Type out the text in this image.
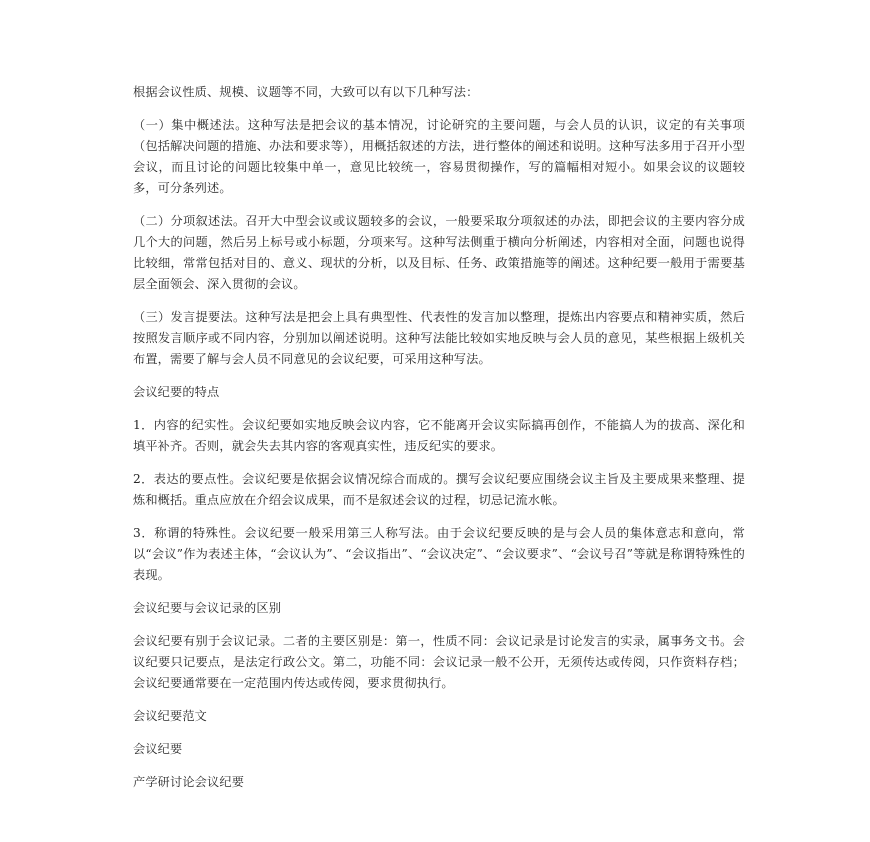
根据会议性质、规模、议题等不同，大致可以有以下几种写法：

（一）集中概述法。这种写法是把会议的基本情况，讨论研究的主要问题，与会人员的认识，议定的有关事项（包括解决问题的措施、办法和要求等），用概括叙述的方法，进行整体的阐述和说明。这种写法多用于召开小型会议，而且讨论的问题比较集中单一，意见比较统一，容易贯彻操作，写的篇幅相对短小。如果会议的议题较多，可分条列述。

（二）分项叙述法。召开大中型会议或议题较多的会议，一般要采取分项叙述的办法，即把会议的主要内容分成几个大的问题，然后另上标号或小标题，分项来写。这种写法侧重于横向分析阐述，内容相对全面，问题也说得比较细，常常包括对目的、意义、现状的分析，以及目标、任务、政策措施等的阐述。这种纪要一般用于需要基层全面领会、深入贯彻的会议。

（三）发言提要法。这种写法是把会上具有典型性、代表性的发言加以整理，提炼出内容要点和精神实质，然后按照发言顺序或不同内容，分别加以阐述说明。这种写法能比较如实地反映与会人员的意见，某些根据上级机关布置，需要了解与会人员不同意见的会议纪要，可采用这种写法。

会议纪要的特点

1．内容的纪实性。会议纪要如实地反映会议内容，它不能离开会议实际搞再创作，不能搞人为的拔高、深化和填平补齐。否则，就会失去其内容的客观真实性，违反纪实的要求。

2．表达的要点性。会议纪要是依据会议情况综合而成的。撰写会议纪要应围绕会议主旨及主要成果来整理、提炼和概括。重点应放在介绍会议成果，而不是叙述会议的过程，切忌记流水帐。

3．称谓的特殊性。会议纪要一般采用第三人称写法。由于会议纪要反映的是与会人员的集体意志和意向，常以“会议”作为表述主体，“会议认为”、“会议指出”、“会议决定”、“会议要求”、“会议号召”等就是称谓特殊性的表现。

会议纪要与会议记录的区别

会议纪要有别于会议记录。二者的主要区别是：第一，性质不同：会议记录是讨论发言的实录，属事务文书。会议纪要只记要点，是法定行政公文。第二，功能不同：会议记录一般不公开，无须传达或传阅，只作资料存档；会议纪要通常要在一定范围内传达或传阅，要求贯彻执行。

会议纪要范文

会议纪要

产学研讨论会议纪要
